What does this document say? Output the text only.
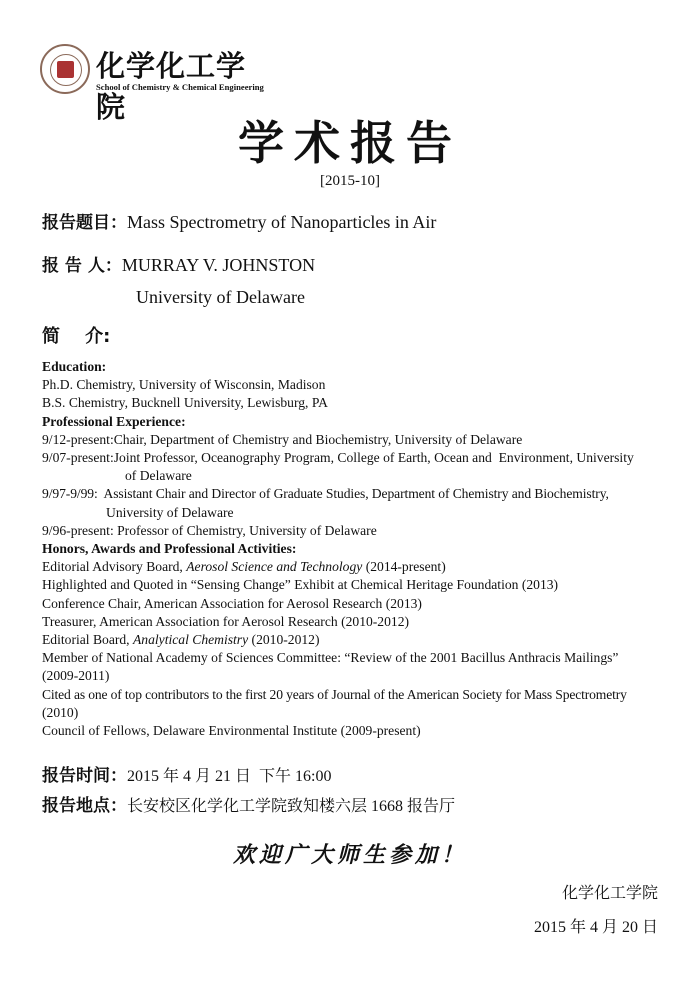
化学化工学院
School of Chemistry & Chemical Engineering
学术报告
[2015-10]
报告题目：Mass Spectrometry of Nanoparticles in Air
报 告 人：MURRAY V. JOHNSTON
University of Delaware
简    介:
Education:
Ph.D. Chemistry, University of Wisconsin, Madison
B.S. Chemistry, Bucknell University, Lewisburg, PA
Professional Experience:
9/12-present:Chair, Department of Chemistry and Biochemistry, University of Delaware
9/07-present:Joint Professor, Oceanography Program, College of Earth, Ocean and  Environment, University
of Delaware
9/97-9/99:  Assistant Chair and Director of Graduate Studies, Department of Chemistry and Biochemistry,
University of Delaware
9/96-present: Professor of Chemistry, University of Delaware
Honors, Awards and Professional Activities:
Editorial Advisory Board, Aerosol Science and Technology (2014-present)
Highlighted and Quoted in “Sensing Change” Exhibit at Chemical Heritage Foundation (2013)
Conference Chair, American Association for Aerosol Research (2013)
Treasurer, American Association for Aerosol Research (2010-2012)
Editorial Board, Analytical Chemistry (2010-2012)
Member of National Academy of Sciences Committee: “Review of the 2001 Bacillus Anthracis Mailings”
(2009-2011)
Cited as one of top contributors to the first 20 years of Journal of the American Society for Mass Spectrometry
(2010)
Council of Fellows, Delaware Environmental Institute (2009-present)
报告时间：2015 年 4 月 21 日  下午 16:00
报告地点：长安校区化学化工学院致知楼六层 1668 报告厅
欢迎广大师生参加！
化学化工学院
2015 年 4 月 20 日
